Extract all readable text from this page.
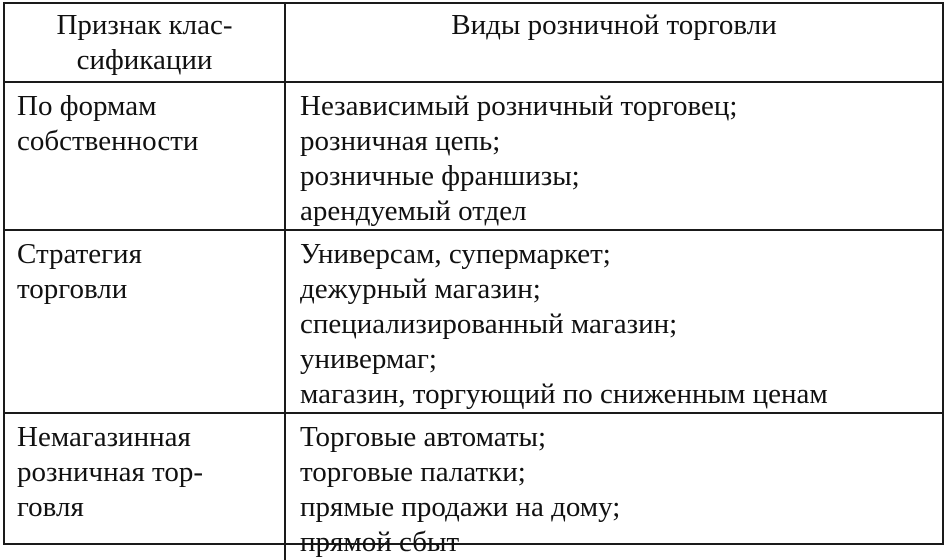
Признак клас-
сификации	Виды розничной торговли

По формам
собственности	Независимый розничный торговец;
розничная цепь;
розничные франшизы;
арендуемый отдел

Стратегия
торговли	Универсам, супермаркет;
дежурный магазин;
специализированный магазин;
универмаг;
магазин, торгующий по сниженным ценам

Немагазинная
розничная тор-
говля	Торговые автоматы;
торговые палатки;
прямые продажи на дому;
прямой сбыт
